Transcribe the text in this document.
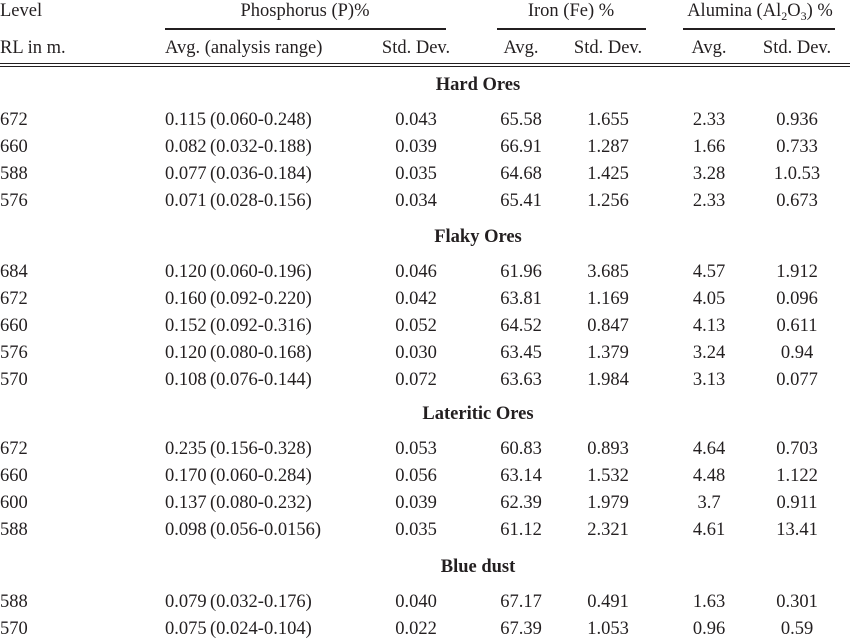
Level	Phosphorus (P)%	Iron (Fe) %	Alumina $(Al_2O_3)$ %
RL in m.	Avg. (analysis range)	Std. Dev.	Avg. Std. Dev.	Avg. Std. Dev.
Hard Ores
672	0.115 (0.060-0.248)	0.043	65.58 1.655	2.33	0.936
660	0.082 (0.032-0.188)	0.039	66.91 1.287	1.66	0.733
588	0.077 (0.036-0.184)	0.035	64.68 1.425	3.28	1.0.53
576	0.071 (0.028-0.156)	0.034	65.41 1.256	2.33	0.673
Flaky Ores
684	0.120 (0.060-0.196)	0.046	61.96 3.685	4.57	1.912
672	0.160 (0.092-0.220)	0.042	63.81 1.169	4.05	0.096
660	0.152 (0.092-0.316)	0.052	64.52 0.847	4.13	0.611
576	0.120 (0.080-0.168)	0.030	63.45 1.379	3.24	0.94
570	0.108 (0.076-0.144)	0.072	63.63 1.984	3.13	0.077
Lateritic Ores
672	0.235 (0.156-0.328)	0.053	60.83 0.893	4.64	0.703
660	0.170 (0.060-0.284)	0.056	63.14 1.532	4.48	1.122
600	0.137 (0.080-0.232)	0.039	62.39 1.979	3.7	0.911
588	0.098 (0.056-0.0156)	0.035	61.12 2.321	4.61	13.41
Blue dust
588	0.079 (0.032-0.176)	0.040	67.17 0.491	1.63	0.301
570	0.075 (0.024-0.104)	0.022	67.39 1.053	0.96	0.59
